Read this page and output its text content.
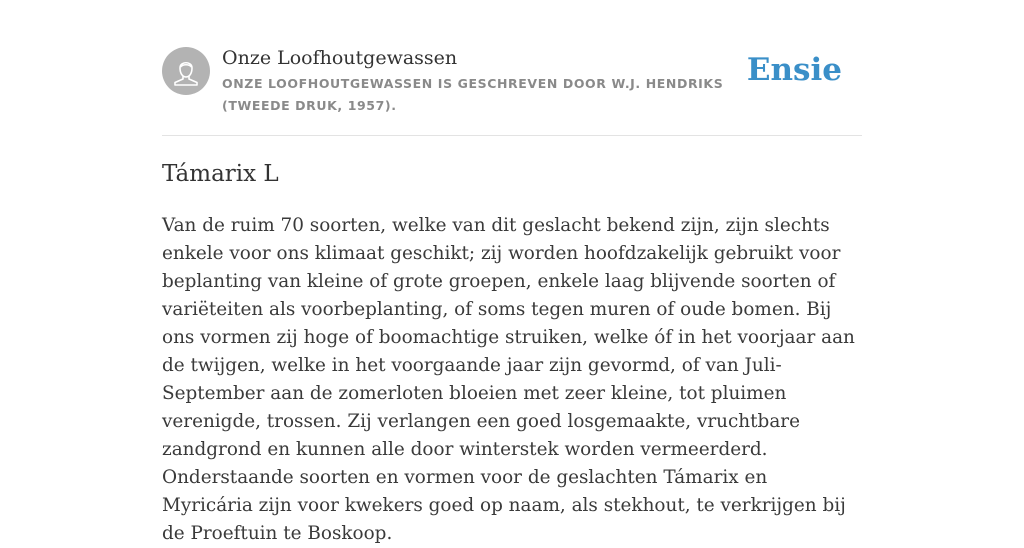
Onze Loofhoutgewassen
ONZE LOOFHOUTGEWASSEN IS GESCHREVEN DOOR W.J. HENDRIKS (TWEEDE DRUK, 1957).
Ensie
Támarix L

Van de ruim 70 soorten, welke van dit geslacht bekend zijn, zijn slechts enkele voor ons klimaat geschikt; zij worden hoofdzakelijk gebruikt voor beplanting van kleine of grote groepen, enkele laag blijvende soorten of variëteiten als voorbeplanting, of soms tegen muren of oude bomen. Bij ons vormen zij hoge of boomachtige struiken, welke óf in het voorjaar aan de twijgen, welke in het voorgaande jaar zijn gevormd, of van Juli-September aan de zomerloten bloeien met zeer kleine, tot pluimen verenigde, trossen. Zij verlangen een goed losgemaakte, vruchtbare zandgrond en kunnen alle door winterstek worden vermeerderd. Onderstaande soorten en vormen voor de geslachten Támarix en Myricária zijn voor kwekers goed op naam, als stekhout, te verkrijgen bij de Proeftuin te Boskoop.
